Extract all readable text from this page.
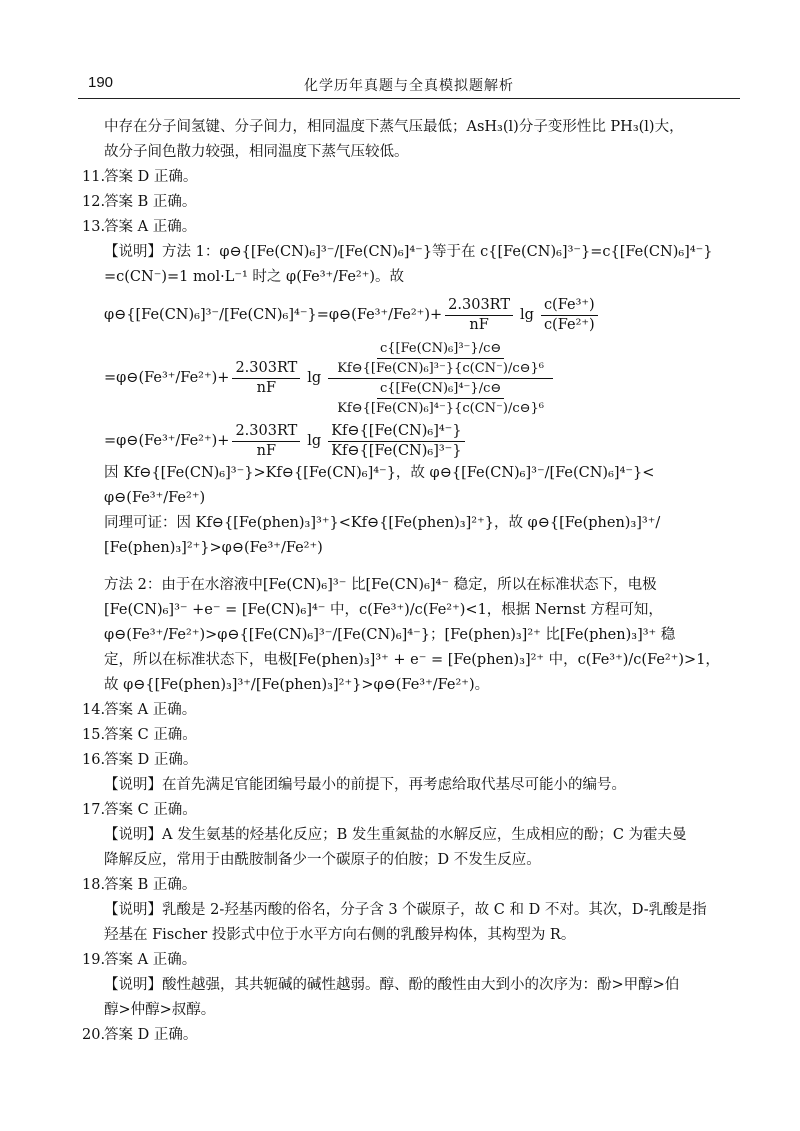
190	化学历年真题与全真模拟题解析
中存在分子间氢键、分子间力，相同温度下蒸气压最低；AsH₃(l)分子变形性比 PH₃(l)大，
故分子间色散力较强，相同温度下蒸气压较低。
11.答案 D 正确。
12.答案 B 正确。
13.答案 A 正确。
【说明】方法 1：φ⊖{[Fe(CN)₆]³⁻/[Fe(CN)₆]⁴⁻}等于在 c{[Fe(CN)₆]³⁻}=c{[Fe(CN)₆]⁴⁻}
=c(CN⁻)=1 mol·L⁻¹ 时之 φ(Fe³⁺/Fe²⁺)。故
φ⊖{[Fe(CN)₆]³⁻/[Fe(CN)₆]⁴⁻}=φ⊖(Fe³⁺/Fe²⁺)+ $\frac{2.303RT}{nF}$ $\lg \frac{\text{c(Fe³⁺)}}{\text{c(Fe²⁺)}}$
=φ⊖(Fe³⁺/Fe²⁺)+ $\frac{2.303RT}{nF}$ $\lg \frac{\frac{\text{c\{[Fe(CN)₆]³⁻\}/c⊖}}{\text{Kf⊖\{[Fe(CN)₆]³⁻\}\{c(CN⁻)/c⊖\}⁶}}}{\frac{\text{c\{[Fe(CN)₆]⁴⁻\}/c⊖}}{\text{Kf⊖\{[Fe(CN)₆]⁴⁻\}\{c(CN⁻)/c⊖\}⁶}}}$
=φ⊖(Fe³⁺/Fe²⁺)+ $\frac{2.303RT}{nF}$ $\lg \frac{\text{Kf⊖\{[Fe(CN)₆]⁴⁻\}}}{\text{Kf⊖\{[Fe(CN)₆]³⁻\}}}$
因 Kf⊖{[Fe(CN)₆]³⁻}>Kf⊖{[Fe(CN)₆]⁴⁻}，故 φ⊖{[Fe(CN)₆]³⁻/[Fe(CN)₆]⁴⁻}<
φ⊖(Fe³⁺/Fe²⁺)
同理可证：因 Kf⊖{[Fe(phen)₃]³⁺}<Kf⊖{[Fe(phen)₃]²⁺}，故 φ⊖{[Fe(phen)₃]³⁺/
[Fe(phen)₃]²⁺}>φ⊖(Fe³⁺/Fe²⁺)
方法 2：由于在水溶液中[Fe(CN)₆]³⁻ 比[Fe(CN)₆]⁴⁻ 稳定，所以在标准状态下，电极
[Fe(CN)₆]³⁻ +e⁻ = [Fe(CN)₆]⁴⁻ 中，c(Fe³⁺)/c(Fe²⁺)<1，根据 Nernst 方程可知，
φ⊖(Fe³⁺/Fe²⁺)>φ⊖{[Fe(CN)₆]³⁻/[Fe(CN)₆]⁴⁻}；[Fe(phen)₃]²⁺ 比[Fe(phen)₃]³⁺ 稳
定，所以在标准状态下，电极[Fe(phen)₃]³⁺ + e⁻ = [Fe(phen)₃]²⁺ 中，c(Fe³⁺)/c(Fe²⁺)>1，
故 φ⊖{[Fe(phen)₃]³⁺/[Fe(phen)₃]²⁺}>φ⊖(Fe³⁺/Fe²⁺)。
14.答案 A 正确。
15.答案 C 正确。
16.答案 D 正确。
【说明】在首先满足官能团编号最小的前提下，再考虑给取代基尽可能小的编号。
17.答案 C 正确。
【说明】A 发生氨基的烃基化反应；B 发生重氮盐的水解反应，生成相应的酚；C 为霍夫曼
降解反应，常用于由酰胺制备少一个碳原子的伯胺；D 不发生反应。
18.答案 B 正确。
【说明】乳酸是 2-羟基丙酸的俗名，分子含 3 个碳原子，故 C 和 D 不对。其次，D-乳酸是指
羟基在 Fischer 投影式中位于水平方向右侧的乳酸异构体，其构型为 R。
19.答案 A 正确。
【说明】酸性越强，其共轭碱的碱性越弱。醇、酚的酸性由大到小的次序为：酚>甲醇>伯
醇>仲醇>叔醇。
20.答案 D 正确。
